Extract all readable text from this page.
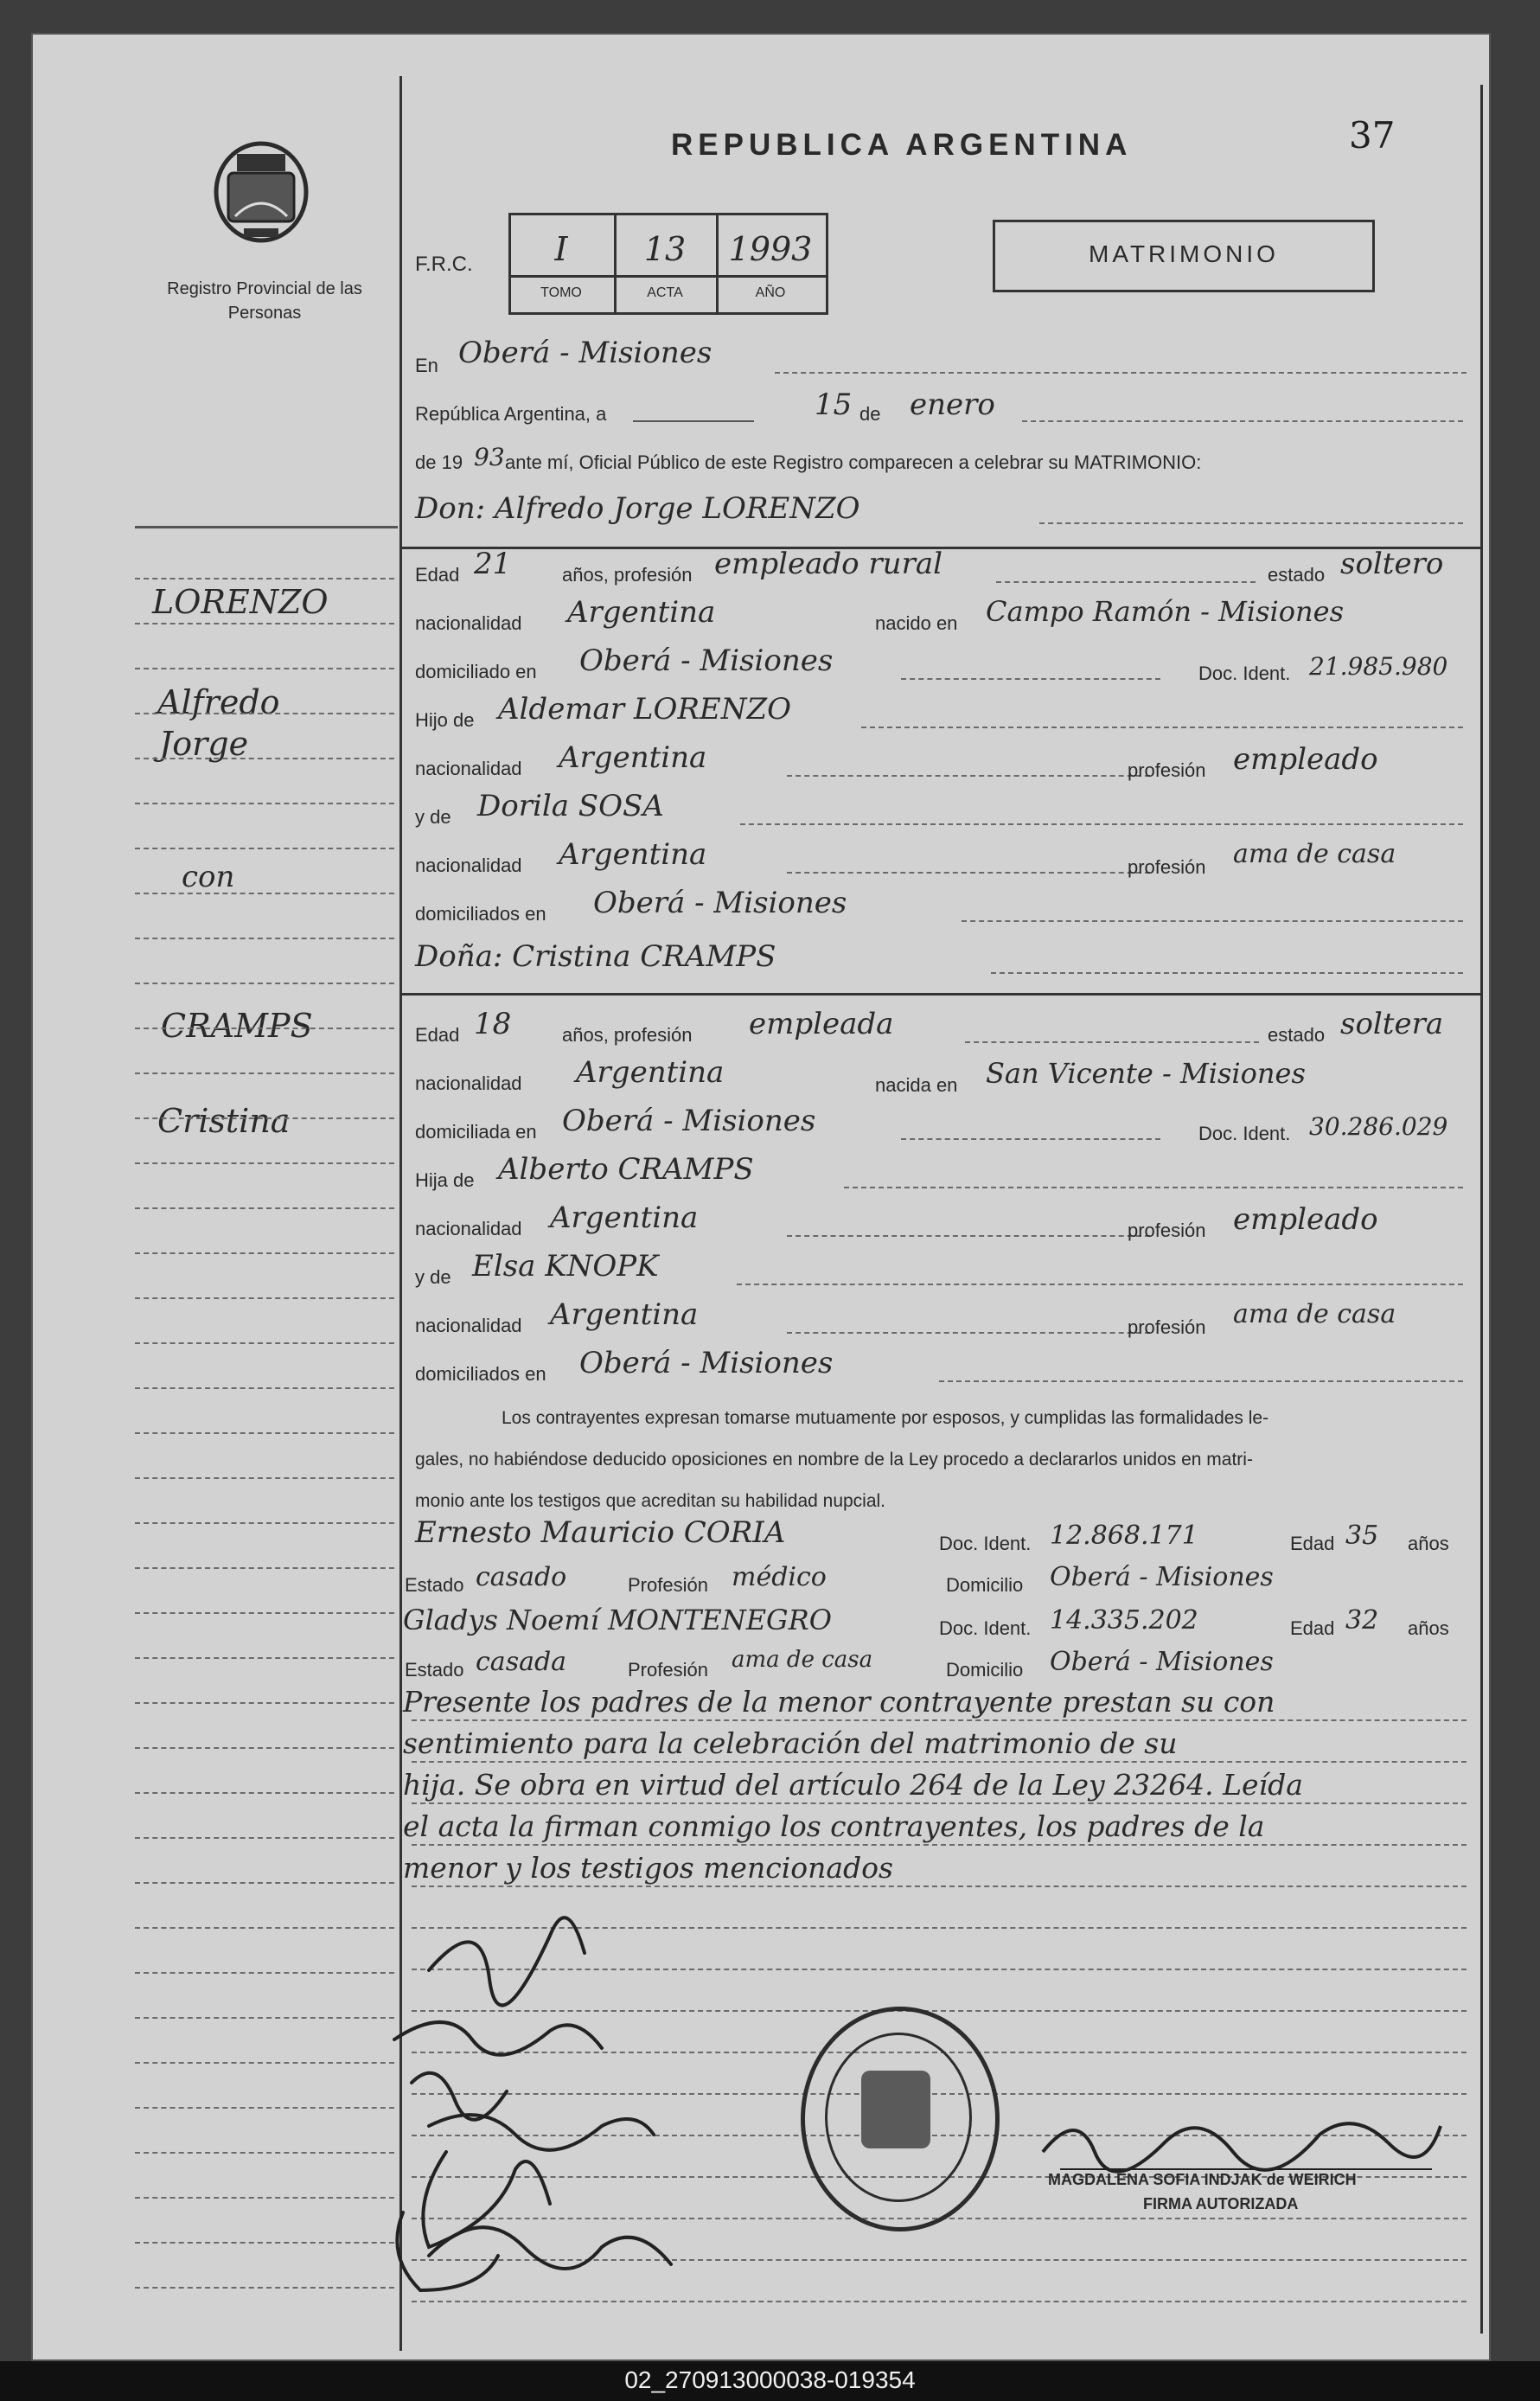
Registro Provincial de las Personas
REPUBLICA ARGENTINA	37
F.R.C.	I	13	1993
TOMO	ACTA	AÑO
MATRIMONIO
En Oberá - Misiones
República Argentina, a	15 de enero
de 19 93 ante mí, Oficial Público de este Registro comparecen a celebrar su MATRIMONIO:
LORENZO
Alfredo
Jorge
con
CRAMPS
Cristina
Don: Alfredo Jorge LORENZO
Edad 21	años, profesión empleado rural	estado soltero
nacionalidad Argentina	nacido en Campo Ramón - Misiones
domiciliado en Oberá - Misiones	Doc. Ident. 21.985.980
Hijo de Aldemar LORENZO
nacionalidad Argentina	profesión empleado
y de Dorila SOSA
nacionalidad Argentina	profesión ama de casa
domiciliados en Oberá - Misiones
Doña: Cristina CRAMPS
Edad 18	años, profesión empleada	estado soltera
nacionalidad Argentina	nacida en San Vicente - Misiones
domiciliada en Oberá - Misiones	Doc. Ident. 30.286.029
Hija de Alberto CRAMPS
nacionalidad Argentina	profesión empleado
y de Elsa KNOPK
nacionalidad Argentina	profesión ama de casa
domiciliados en Oberá - Misiones
Los contrayentes expresan tomarse mutuamente por esposos, y cumplidas las formalidades le-
gales, no habiéndose deducido oposiciones en nombre de la Ley procedo a declararlos unidos en matri-
monio ante los testigos que acreditan su habilidad nupcial.
Ernesto Mauricio CORIA	Doc. Ident. 12.868.171	Edad 35 años
Estado casado	Profesión médico	Domicilio Oberá - Misiones
Gladys Noemí MONTENEGRO	Doc. Ident. 14.335.202	Edad 32 años
Estado casada	Profesión ama de casa	Domicilio Oberá - Misiones
Presente los padres de la menor contrayente prestan su con
sentimiento para la celebración del matrimonio de su
hija. Se obra en virtud del artículo 264 de la Ley 23264. Leída
el acta la firman conmigo los contrayentes, los padres de la
menor y los testigos mencionados
MAGDALENA SOFIA INDJAK de WEIRICH
FIRMA AUTORIZADA
02_270913000038-019354
